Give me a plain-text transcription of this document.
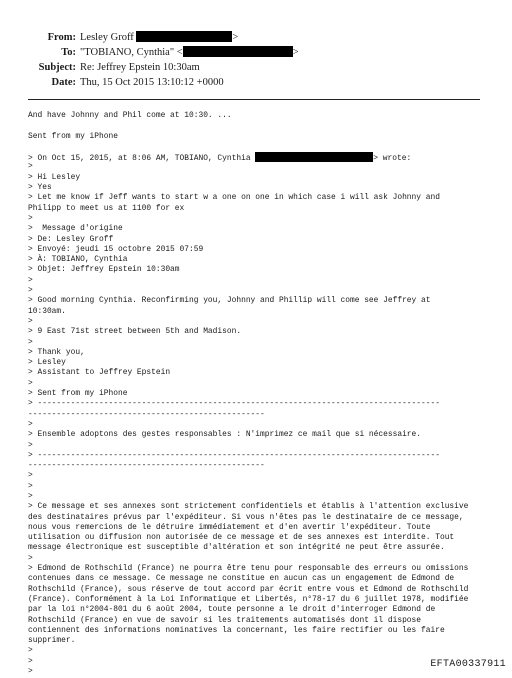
From: Lesley Groff	>
To: "TOBIANO, Cynthia" <	>
Subject: Re: Jeffrey Epstein 10:30am
Date: Thu, 15 Oct 2015 13:10:12 +0000
And have Johnny and Phil come at 10:30. ...
Sent from my iPhone
> On Oct 15, 2015, at 8:06 AM, TOBIANO, Cynthia	> wrote:
>
> Hi Lesley
> Yes
> Let me know if Jeff wants to start w a one on one in which case i will ask Johnny and
Philipp to meet us at 1100 for ex
>
>  Message d'origine
> De: Lesley Groff
> Envoyé: jeudi 15 octobre 2015 07:59
> À: TOBIANO, Cynthia
> Objet: Jeffrey Epstein 10:30am
>
>
> Good morning Cynthia. Reconfirming you, Johnny and Phillip will come see Jeffrey at
10:30am.
>
> 9 East 71st street between 5th and Madison.
>
> Thank you,
> Lesley
> Assistant to Jeffrey Epstein
>
> Sent from my iPhone
> -------------------------------------------------------------------------------------
--------------------------------------------------
>
> Ensemble adoptons des gestes responsables : N'imprimez ce mail que si nécessaire.
>
> -------------------------------------------------------------------------------------
--------------------------------------------------
>
>
>
> Ce message et ses annexes sont strictement confidentiels et établis à l'attention exclusive
des destinataires prévus par l'expéditeur. Si vous n'êtes pas le destinataire de ce message,
nous vous remercions de le détruire immédiatement et d'en avertir l'expéditeur. Toute
utilisation ou diffusion non autorisée de ce message et de ses annexes est interdite. Tout
message électronique est susceptible d'altération et son intégrité ne peut être assurée.
>
> Edmond de Rothschild (France) ne pourra être tenu pour responsable des erreurs ou omissions
contenues dans ce message. Ce message ne constitue en aucun cas un engagement de Edmond de
Rothschild (France), sous réserve de tout accord par écrit entre vous et Edmond de Rothschild
(France). Conformément à la Loi Informatique et Libertés, n°78-17 du 6 juillet 1978, modifiée
par la loi n°2004-801 du 6 août 2004, toute personne a le droit d'interroger Edmond de
Rothschild (France) en vue de savoir si les traitements automatisés dont il dispose
contiennent des informations nominatives la concernant, les faire rectifier ou les faire
supprimer.
>
>
>
EFTA00337911
